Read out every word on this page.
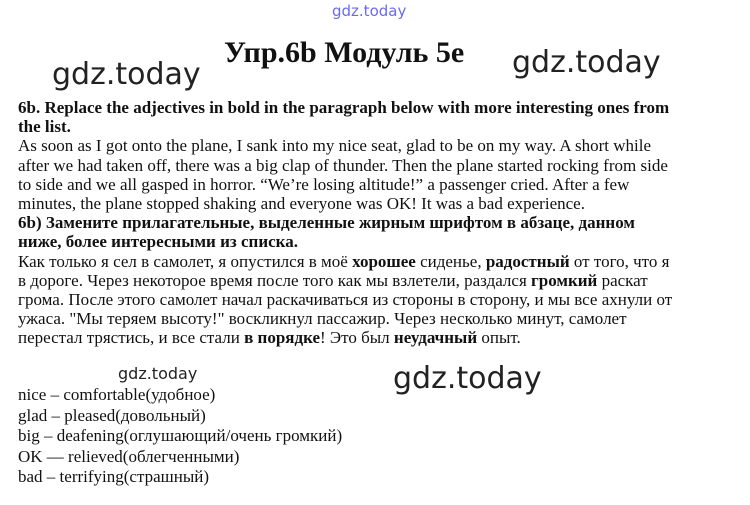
gdz.today
gdz.today	gdz.today
gdz.today	gdz.today
Упр.6b Модуль 5e
6b. Replace the adjectives in bold in the paragraph below with more interesting ones from
the list.
As soon as I got onto the plane, I sank into my nice seat, glad to be on my way. A short while
after we had taken off, there was a big clap of thunder. Then the plane started rocking from side
to side and we all gasped in horror. “We’re losing altitude!” a passenger cried. After a few
minutes, the plane stopped shaking and everyone was OK! It was a bad experience.
6b) Замените прилагательные, выделенные жирным шрифтом в абзаце, данном
ниже, более интересными из списка.
Как только я сел в самолет, я опустился в моё хорошее сиденье, радостный от того, что я
в дороге. Через некоторое время после того как мы взлетели, раздался громкий раскат
грома. После этого самолет начал раскачиваться из стороны в сторону, и мы все ахнули от
ужаса. "Мы теряем высоту!" воскликнул пассажир. Через несколько минут, самолет
перестал трястись, и все стали в порядке! Это был неудачный опыт.
nice – comfortable(удобное)
glad – pleased(довольный)
big – deafening(оглушающий/очень громкий)
OK — relieved(облегченными)
bad – terrifying(страшный)
